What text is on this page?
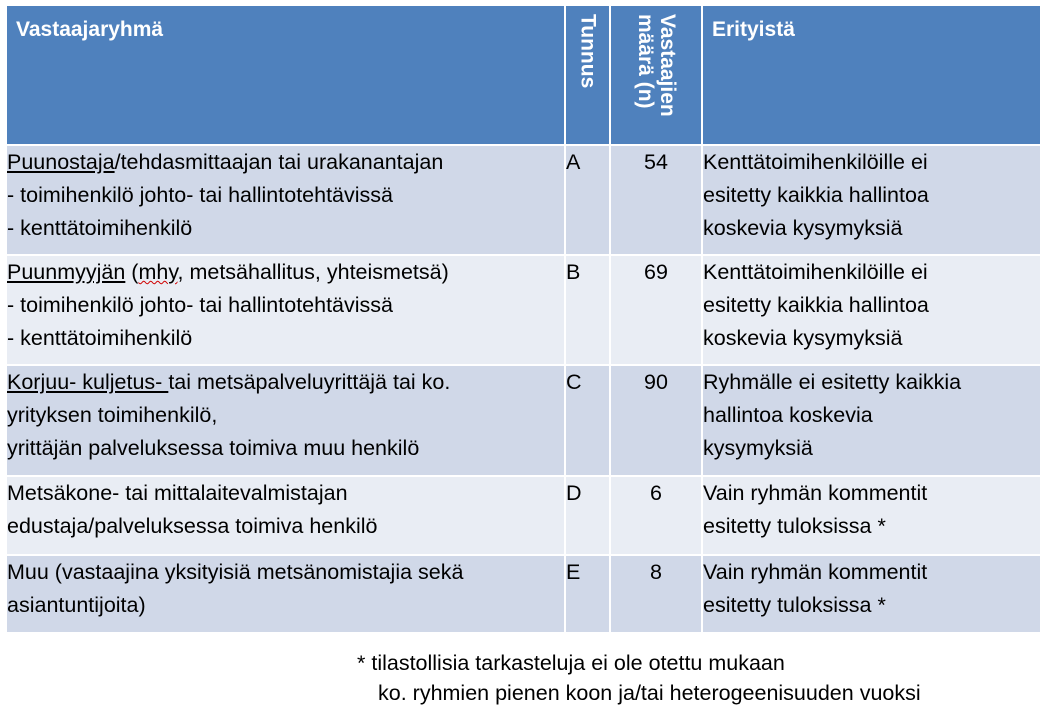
Vastaajaryhmä	Tunnus	Vastaajien
määrä (n)	Erityistä

Puunostaja/tehdasmittaajan tai urakanantajan
- toimihenkilö johto- tai hallintotehtävissä
- kenttätoimihenkilö	A	54	Kenttätoimihenkilöille ei
esitetty kaikkia hallintoa
koskevia kysymyksiä

Puunmyyjän (mhy, metsähallitus, yhteismetsä)
- toimihenkilö johto- tai hallintotehtävissä
- kenttätoimihenkilö	B	69	Kenttätoimihenkilöille ei
esitetty kaikkia hallintoa
koskevia kysymyksiä

Korjuu- kuljetus- tai metsäpalveluyrittäjä tai ko.
yrityksen toimihenkilö,
yrittäjän palveluksessa toimiva muu henkilö	C	90	Ryhmälle ei esitetty kaikkia
hallintoa koskevia
kysymyksiä

Metsäkone- tai mittalaitevalmistajan
edustaja/palveluksessa toimiva henkilö	D	6	Vain ryhmän kommentit
esitetty tuloksissa *

Muu (vastaajina yksityisiä metsänomistajia sekä
asiantuntijoita)	E	8	Vain ryhmän kommentit
esitetty tuloksissa *
* tilastollisia tarkasteluja ei ole otettu mukaan
ko. ryhmien pienen koon ja/tai heterogeenisuuden vuoksi
